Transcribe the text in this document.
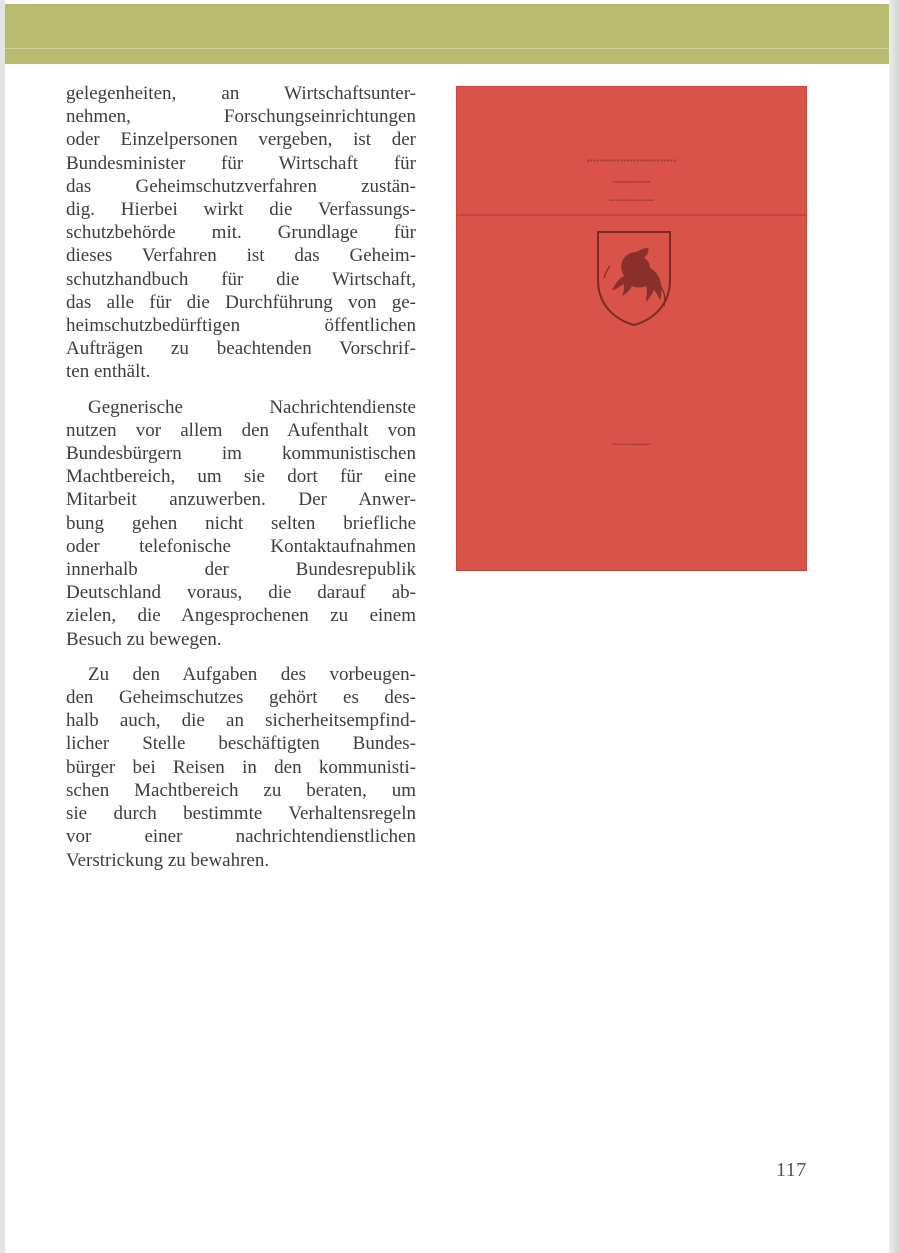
gelegenheiten, an Wirtschaftsunter-
nehmen, Forschungseinrichtungen
oder Einzelpersonen vergeben, ist der
Bundesminister für Wirtschaft für
das Geheimschutzverfahren zustän-
dig. Hierbei wirkt die Verfassungs-
schutzbehörde mit. Grundlage für
dieses Verfahren ist das Geheim-
schutzhandbuch für die Wirtschaft,
das alle für die Durchführung von ge-
heimschutzbedürftigen öffentlichen
Aufträgen zu beachtenden Vorschrif-
ten enthält.

Gegnerische Nachrichtendienste
nutzen vor allem den Aufenthalt von
Bundesbürgern im kommunistischen
Machtbereich, um sie dort für eine
Mitarbeit anzuwerben. Der Anwer-
bung gehen nicht selten briefliche
oder telefonische Kontaktaufnahmen
innerhalb der Bundesrepublik
Deutschland voraus, die darauf ab-
zielen, die Angesprochenen zu einem
Besuch zu bewegen.

Zu den Aufgaben des vorbeugen-
den Geheimschutzes gehört es des-
halb auch, die an sicherheitsempfind-
licher Stelle beschäftigten Bundes-
bürger bei Reisen in den kommunisti-
schen Machtbereich zu beraten, um
sie durch bestimmte Verhaltensregeln
vor einer nachrichtendienstlichen
Verstrickung zu bewahren.

▪▪▪▪▪▪▪▪▪▪▪▪▪▪▪▪▪▪▪▪▪▪▪▪▪▪▪
▪▪▪▪▪▪▪▪▪▪▪▪▪▪▪
▪▪▪▪▪▪▪▪▪▪▪▪▪▪▪▪▪▪▪▪▪
▪▪▪▪▪▪▪▪▪▪▪▪▪▪▪▪▪▪
117
